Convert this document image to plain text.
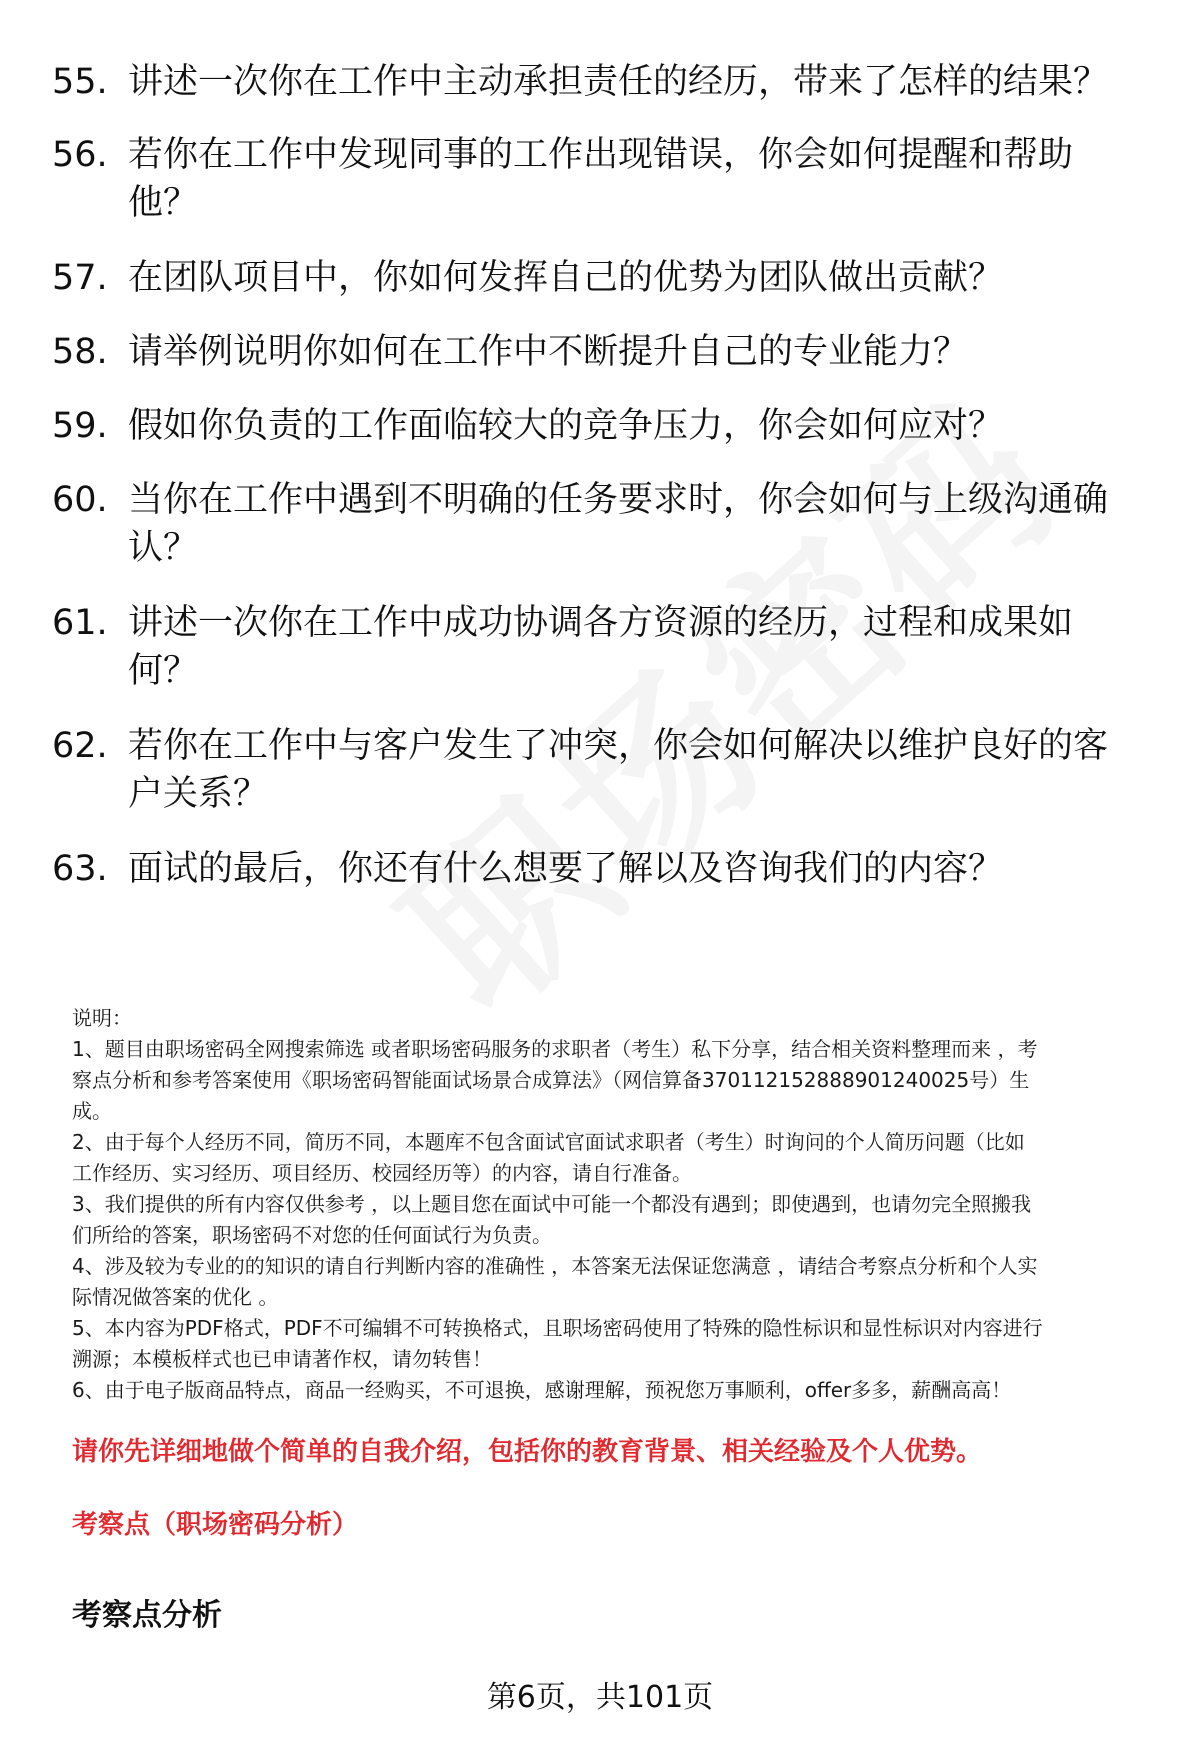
55. 讲述一次你在工作中主动承担责任的经历，带来了怎样的结果？
56. 若你在工作中发现同事的工作出现错误，你会如何提醒和帮助
他？
57. 在团队项目中，你如何发挥自己的优势为团队做出贡献？
58. 请举例说明你如何在工作中不断提升自己的专业能力？
59. 假如你负责的工作面临较大的竞争压力，你会如何应对？
60. 当你在工作中遇到不明确的任务要求时，你会如何与上级沟通确
认？
61. 讲述一次你在工作中成功协调各方资源的经历，过程和成果如
何？
62. 若你在工作中与客户发生了冲突，你会如何解决以维护良好的客
户关系？
63. 面试的最后，你还有什么想要了解以及咨询我们的内容？

说明：

1、题目由职场密码全网搜索筛选 或者职场密码服务的求职者（考生）私下分享，结合相关资料整理而来 ，考

察点分析和参考答案使用《职场密码智能面试场景合成算法》（网信算备370112152888901240025号）生

成。

2、由于每个人经历不同，简历不同，本题库不包含面试官面试求职者（考生）时询问的个人简历问题（比如

工作经历、实习经历、项目经历、校园经历等）的内容，请自行准备。

3、我们提供的所有内容仅供参考 ，以上题目您在面试中可能一个都没有遇到；即使遇到，也请勿完全照搬我

们所给的答案，职场密码不对您的任何面试行为负责。

4、涉及较为专业的的知识的请自行判断内容的准确性 ，本答案无法保证您满意 ，请结合考察点分析和个人实

际情况做答案的优化 。

5、本内容为PDF格式，PDF不可编辑不可转换格式，且职场密码使用了特殊的隐性标识和显性标识对内容进行

溯源；本模板样式也已申请著作权，请勿转售！

6、由于电子版商品特点，商品一经购买，不可退换，感谢理解，预祝您万事顺利，offer多多，薪酬高高！

请你先详细地做个简单的自我介绍，包括你的教育背景、相关经验及个人优势。
考察点（职场密码分析）
考察点分析
第6页，共101页
